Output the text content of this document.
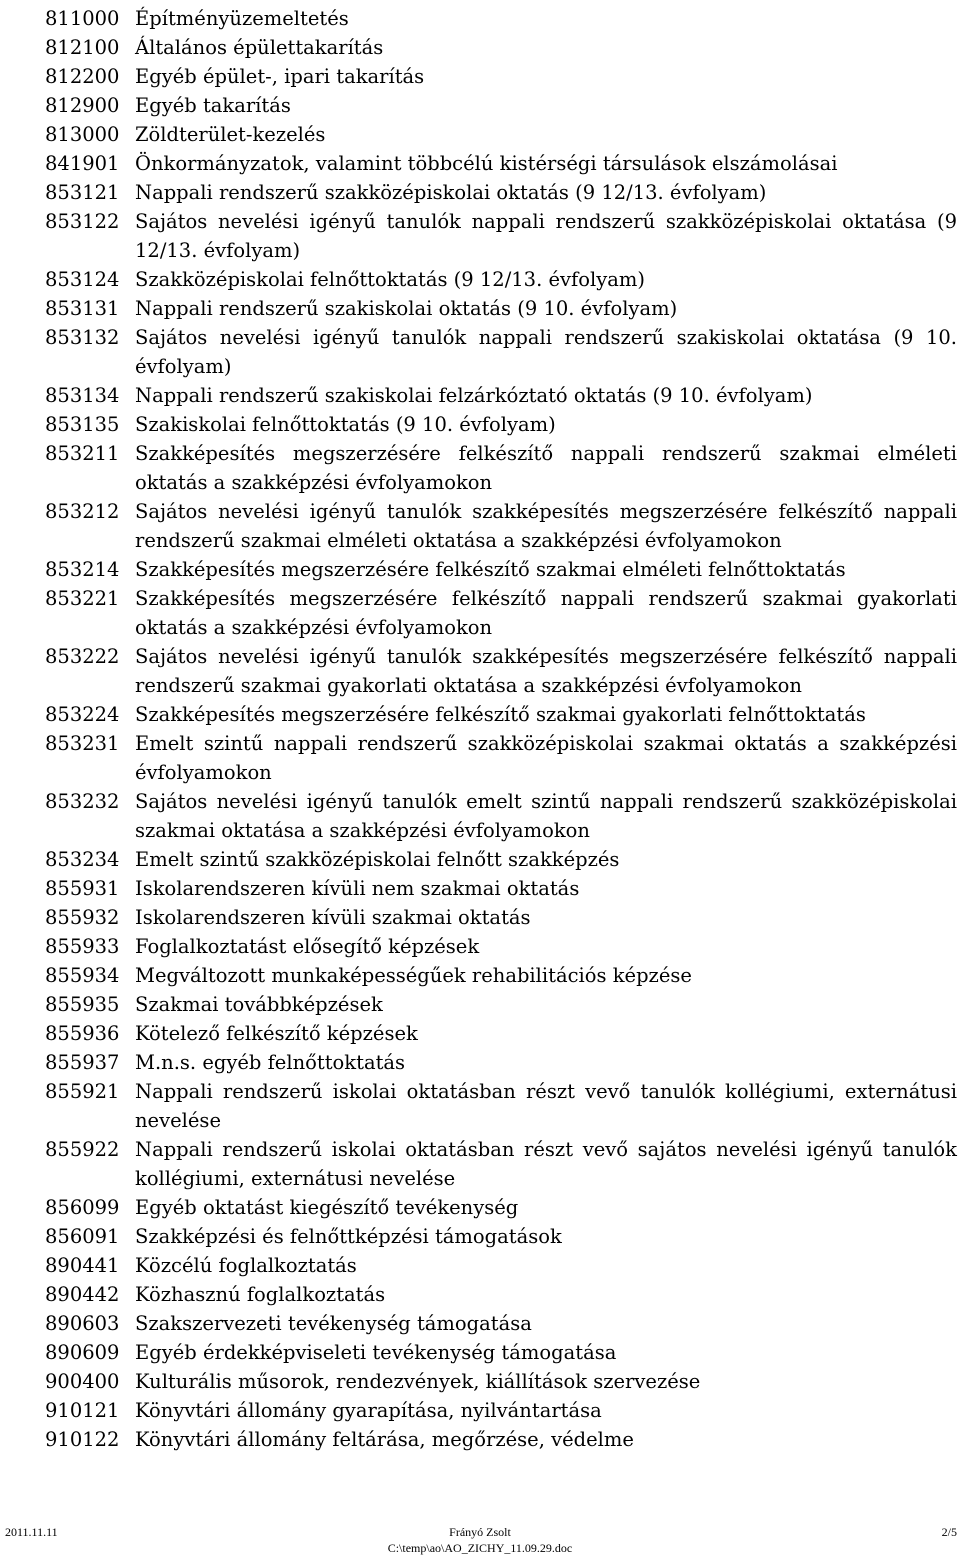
811000 Építményüzemeltetés
812100 Általános épülettakarítás
812200 Egyéb épület-, ipari takarítás
812900 Egyéb takarítás
813000 Zöldterület-kezelés
841901 Önkormányzatok, valamint többcélú kistérségi társulások elszámolásai
853121 Nappali rendszerű szakközépiskolai oktatás (9 12/13. évfolyam)
853122 Sajátos nevelési igényű tanulók nappali rendszerű szakközépiskolai oktatása (9 12/13. évfolyam)
853124 Szakközépiskolai felnőttoktatás (9 12/13. évfolyam)
853131 Nappali rendszerű szakiskolai oktatás (9 10. évfolyam)
853132 Sajátos nevelési igényű tanulók nappali rendszerű szakiskolai oktatása (9 10. évfolyam)
853134 Nappali rendszerű szakiskolai felzárkóztató oktatás (9 10. évfolyam)
853135 Szakiskolai felnőttoktatás (9 10. évfolyam)
853211 Szakképesítés megszerzésére felkészítő nappali rendszerű szakmai elméleti oktatás a szakképzési évfolyamokon
853212 Sajátos nevelési igényű tanulók szakképesítés megszerzésére felkészítő nappali rendszerű szakmai elméleti oktatása a szakképzési évfolyamokon
853214 Szakképesítés megszerzésére felkészítő szakmai elméleti felnőttoktatás
853221 Szakképesítés megszerzésére felkészítő nappali rendszerű szakmai gyakorlati oktatás a szakképzési évfolyamokon
853222 Sajátos nevelési igényű tanulók szakképesítés megszerzésére felkészítő nappali rendszerű szakmai gyakorlati oktatása a szakképzési évfolyamokon
853224 Szakképesítés megszerzésére felkészítő szakmai gyakorlati felnőttoktatás
853231 Emelt szintű nappali rendszerű szakközépiskolai szakmai oktatás a szakképzési évfolyamokon
853232 Sajátos nevelési igényű tanulók emelt szintű nappali rendszerű szakközépiskolai szakmai oktatása a szakképzési évfolyamokon
853234 Emelt szintű szakközépiskolai felnőtt szakképzés
855931 Iskolarendszeren kívüli nem szakmai oktatás
855932 Iskolarendszeren kívüli szakmai oktatás
855933 Foglalkoztatást elősegítő képzések
855934 Megváltozott munkaképességűek rehabilitációs képzése
855935 Szakmai továbbképzések
855936 Kötelező felkészítő képzések
855937 M.n.s. egyéb felnőttoktatás
855921 Nappali rendszerű iskolai oktatásban részt vevő tanulók kollégiumi, externátusi nevelése
855922 Nappali rendszerű iskolai oktatásban részt vevő sajátos nevelési igényű tanulók kollégiumi, externátusi nevelése
856099 Egyéb oktatást kiegészítő tevékenység
856091 Szakképzési és felnőttképzési támogatások
890441 Közcélú foglalkoztatás
890442 Közhasznú foglalkoztatás
890603 Szakszervezeti tevékenység támogatása
890609 Egyéb érdekképviseleti tevékenység támogatása
900400 Kulturális műsorok, rendezvények, kiállítások szervezése
910121 Könyvtári állomány gyarapítása, nyilvántartása
910122 Könyvtári állomány feltárása, megőrzése, védelme
2011.11.11	Frányó Zsolt
C:\temp\ao\AO_ZICHY_11.09.29.doc
2/5
